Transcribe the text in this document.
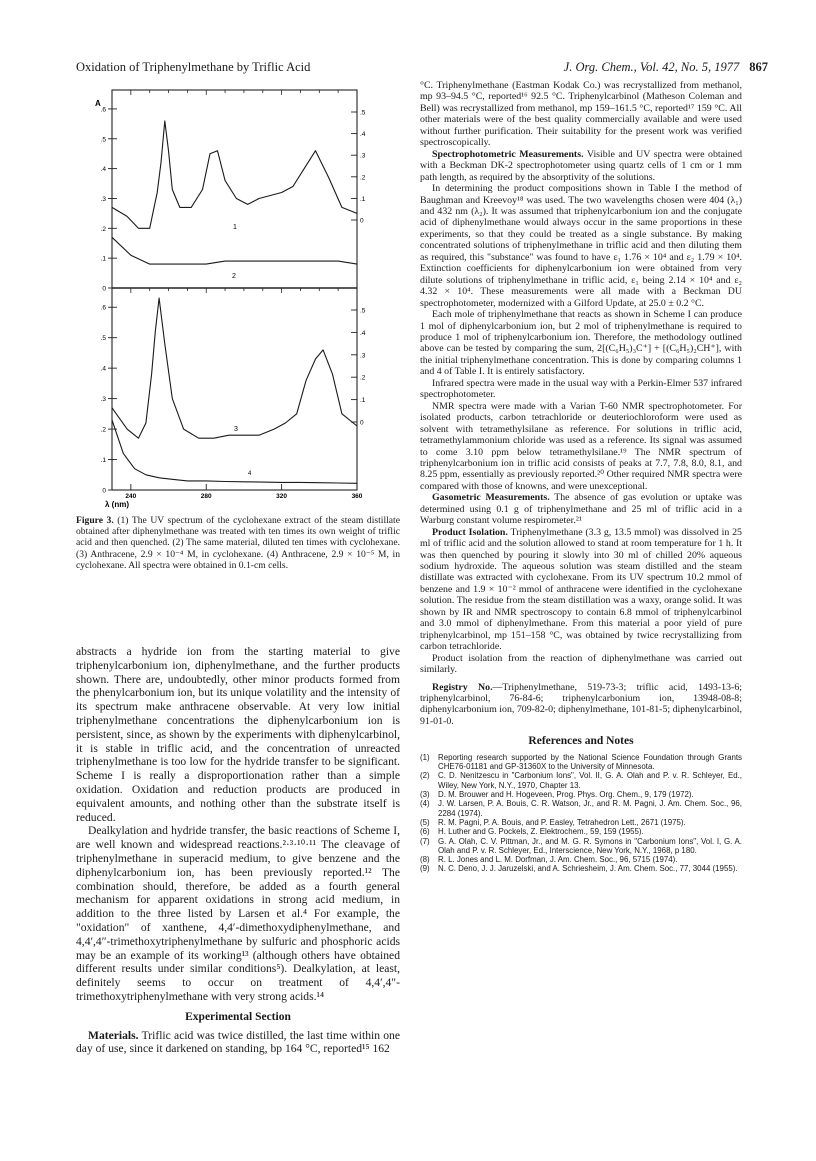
Oxidation of Triphenylmethane by Triflic Acid	J. Org. Chem., Vol. 42, No. 5, 1977 867
A
.6
.5
.4
.3
.2
.1
0
.5
.4
.3
.2
.1
0
.6
.5
.4
.3
.2
.1
0
.5
.4
.3
.2
.1
0
240	280	320	360
1
2
3
4
λ (nm)
Figure 3. (1) The UV spectrum of the cyclohexane extract of the steam distillate obtained after diphenylmethane was treated with ten times its own weight of triflic acid and then quenched. (2) The same material, diluted ten times with cyclohexane. (3) Anthracene, 2.9 × 10⁻⁴ M, in cyclohexane. (4) Anthracene, 2.9 × 10⁻⁵ M, in cyclohexane. All spectra were obtained in 0.1-cm cells.

abstracts a hydride ion from the starting material to give triphenylcarbonium ion, diphenylmethane, and the further products shown. There are, undoubtedly, other minor products formed from the phenylcarbonium ion, but its unique volatility and the intensity of its spectrum make anthracene observable. At very low initial triphenylmethane concentrations the diphenylcarbonium ion is persistent, since, as shown by the experiments with diphenylcarbinol, it is stable in triflic acid, and the concentration of unreacted triphenylmethane is too low for the hydride transfer to be significant. Scheme I is really a disproportionation rather than a simple oxidation. Oxidation and reduction products are produced in equivalent amounts, and nothing other than the substrate itself is reduced.

Dealkylation and hydride transfer, the basic reactions of Scheme I, are well known and widespread reactions.²·³·¹⁰·¹¹ The cleavage of triphenylmethane in superacid medium, to give benzene and the diphenylcarbonium ion, has been previously reported.¹² The combination should, therefore, be added as a fourth general mechanism for apparent oxidations in strong acid medium, in addition to the three listed by Larsen et al.⁴ For example, the "oxidation" of xanthene, 4,4′-dimethoxydiphenylmethane, and 4,4′,4″-trimethoxytriphenylmethane by sulfuric and phosphoric acids may be an example of its working¹³ (although others have obtained different results under similar conditions⁵). Dealkylation, at least, definitely seems to occur on treatment of 4,4′,4″-trimethoxytriphenylmethane with very strong acids.¹⁴

Experimental Section

Materials. Triflic acid was twice distilled, the last time within one day of use, since it darkened on standing, bp 164 °C, reported¹⁵ 162

°C. Triphenylmethane (Eastman Kodak Co.) was recrystallized from methanol, mp 93–94.5 °C, reported¹⁶ 92.5 °C. Triphenylcarbinol (Matheson Coleman and Bell) was recrystallized from methanol, mp 159–161.5 °C, reported¹⁷ 159 °C. All other materials were of the best quality commercially available and were used without further purification. Their suitability for the present work was verified spectroscopically.

Spectrophotometric Measurements. Visible and UV spectra were obtained with a Beckman DK-2 spectrophotometer using quartz cells of 1 cm or 1 mm path length, as required by the absorptivity of the solutions.

In determining the product compositions shown in Table I the method of Baughman and Kreevoy¹⁸ was used. The two wavelengths chosen were 404 (λ₁) and 432 nm (λ₂). It was assumed that triphenylcarbonium ion and the conjugate acid of diphenylmethane would always occur in the same proportions in these experiments, so that they could be treated as a single substance. By making concentrated solutions of triphenylmethane in triflic acid and then diluting them as required, this "substance" was found to have ε₁ 1.76 × 10⁴ and ε₂ 1.79 × 10⁴. Extinction coefficients for diphenylcarbonium ion were obtained from very dilute solutions of triphenylmethane in triflic acid, ε₁ being 2.14 × 10⁴ and ε₂ 4.32 × 10⁴. These measurements were all made with a Beckman DU spectrophotometer, modernized with a Gilford Update, at 25.0 ± 0.2 °C.

Each mole of triphenylmethane that reacts as shown in Scheme I can produce 1 mol of diphenylcarbonium ion, but 2 mol of triphenylmethane is required to produce 1 mol of triphenylcarbonium ion. Therefore, the methodology outlined above can be tested by comparing the sum, 2[(C₆H₅)₃C⁺] + [(C₆H₅)₂CH⁺], with the initial triphenylmethane concentration. This is done by comparing columns 1 and 4 of Table I. It is entirely satisfactory.

Infrared spectra were made in the usual way with a Perkin-Elmer 537 infrared spectrophotometer.

NMR spectra were made with a Varian T-60 NMR spectrophotometer. For isolated products, carbon tetrachloride or deuteriochloroform were used as solvent with tetramethylsilane as reference. For solutions in triflic acid, tetramethylammonium chloride was used as a reference. Its signal was assumed to come 3.10 ppm below tetramethylsilane.¹⁹ The NMR spectrum of triphenylcarbonium ion in triflic acid consists of peaks at 7.7, 7.8, 8.0, 8.1, and 8.25 ppm, essentially as previously reported.²⁰ Other required NMR spectra were compared with those of knowns, and were unexceptional.

Gasometric Measurements. The absence of gas evolution or uptake was determined using 0.1 g of triphenylmethane and 25 ml of triflic acid in a Warburg constant volume respirometer.²¹

Product Isolation. Triphenylmethane (3.3 g, 13.5 mmol) was dissolved in 25 ml of triflic acid and the solution allowed to stand at room temperature for 1 h. It was then quenched by pouring it slowly into 30 ml of chilled 20% aqueous sodium hydroxide. The aqueous solution was steam distilled and the steam distillate was extracted with cyclohexane. From its UV spectrum 10.2 mmol of benzene and 1.9 × 10⁻² mmol of anthracene were identified in the cyclohexane solution. The residue from the steam distillation was a waxy, orange solid. It was shown by IR and NMR spectroscopy to contain 6.8 mmol of triphenylcarbinol and 3.0 mmol of diphenylmethane. From this material a poor yield of pure triphenylcarbinol, mp 151–158 °C, was obtained by twice recrystallizing from carbon tetrachloride.

Product isolation from the reaction of diphenylmethane was carried out similarly.

Registry No.—Triphenylmethane, 519-73-3; triflic acid, 1493-13-6; triphenylcarbinol, 76-84-6; triphenylcarbonium ion, 13948-08-8; diphenylcarbonium ion, 709-82-0; diphenylmethane, 101-81-5; diphenylcarbinol, 91-01-0.

References and Notes
(1)	Reporting research supported by the National Science Foundation through Grants CHE76-01181 and GP-31360X to the University of Minnesota.
(2)	C. D. Nenitzescu in "Carbonium Ions", Vol. II, G. A. Olah and P. v. R. Schleyer, Ed., Wiley, New York, N.Y., 1970, Chapter 13.
(3)	D. M. Brouwer and H. Hogeveen, Prog. Phys. Org. Chem., 9, 179 (1972).
(4)	J. W. Larsen, P. A. Bouis, C. R. Watson, Jr., and R. M. Pagni, J. Am. Chem. Soc., 96, 2284 (1974).
(5)	R. M. Pagni, P. A. Bouis, and P. Easley, Tetrahedron Lett., 2671 (1975).
(6)	H. Luther and G. Pockels, Z. Elektrochem., 59, 159 (1955).
(7)	G. A. Olah, C. V. Pittman, Jr., and M. G. R. Symons in "Carbonium Ions", Vol. I, G. A. Olah and P. v. R. Schleyer, Ed., Interscience, New York, N.Y., 1968, p 180.
(8)	R. L. Jones and L. M. Dorfman, J. Am. Chem. Soc., 96, 5715 (1974).
(9)	N. C. Deno, J. J. Jaruzelski, and A. Schriesheim, J. Am. Chem. Soc., 77, 3044 (1955).
